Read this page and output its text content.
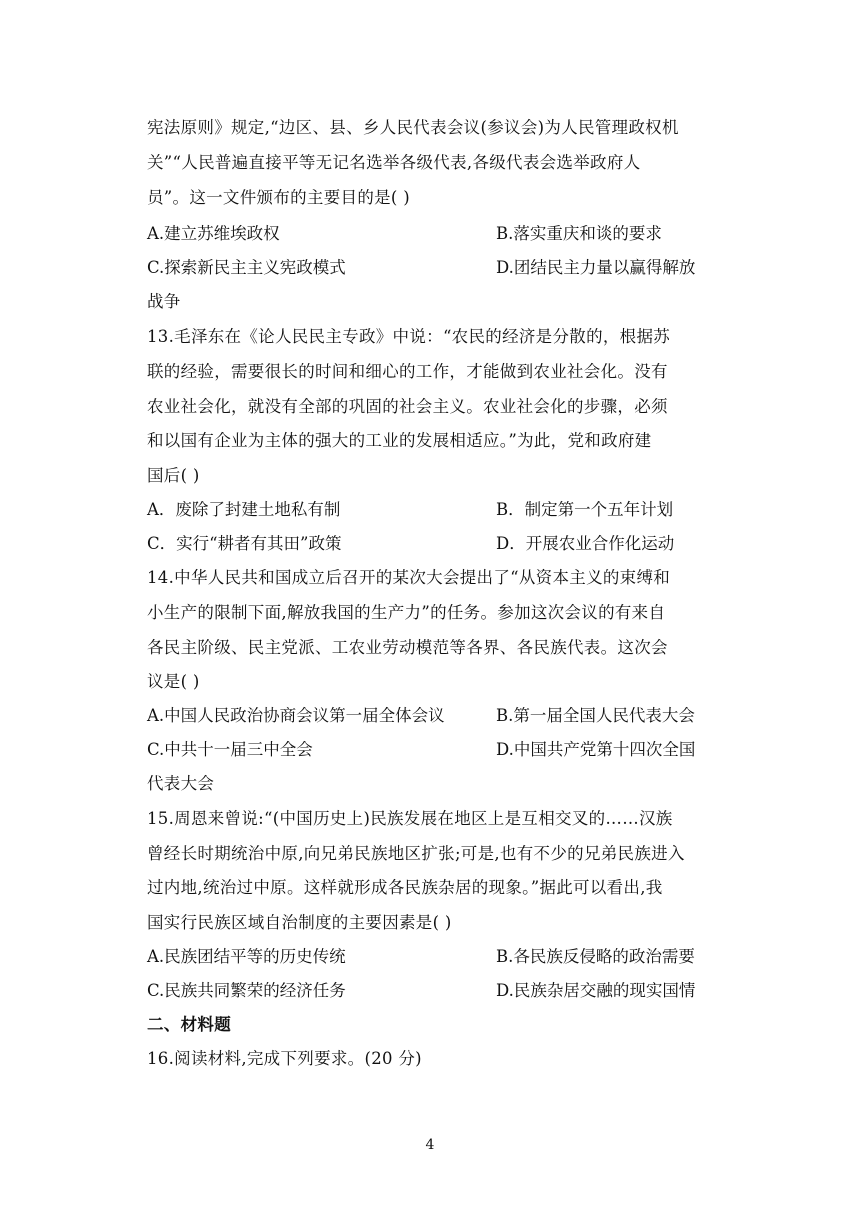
宪法原则》规定,“边区、县、乡人民代表会议(参议会)为人民管理政权机
关”“人民普遍直接平等无记名选举各级代表,各级代表会选举政府人
员”。这一文件颁布的主要目的是( )
A.建立苏维埃政权	B.落实重庆和谈的要求
C.探索新民主主义宪政模式	D.团结民主力量以赢得解放
战争
13.毛泽东在《论人民民主专政》中说：“农民的经济是分散的，根据苏
联的经验，需要很长的时间和细心的工作，才能做到农业社会化。没有
农业社会化，就没有全部的巩固的社会主义。农业社会化的步骤，必须
和以国有企业为主体的强大的工业的发展相适应。”为此，党和政府建
国后( )
A．废除了封建土地私有制	B．制定第一个五年计划
C．实行“耕者有其田”政策	D．开展农业合作化运动
14.中华人民共和国成立后召开的某次大会提出了“从资本主义的束缚和
小生产的限制下面,解放我国的生产力”的任务。参加这次会议的有来自
各民主阶级、民主党派、工农业劳动模范等各界、各民族代表。这次会
议是( )
A.中国人民政治协商会议第一届全体会议	B.第一届全国人民代表大会
C.中共十一届三中全会	D.中国共产党第十四次全国
代表大会
15.周恩来曾说:“(中国历史上)民族发展在地区上是互相交叉的……汉族
曾经长时期统治中原,向兄弟民族地区扩张;可是,也有不少的兄弟民族进入
过内地,统治过中原。这样就形成各民族杂居的现象。”据此可以看出,我
国实行民族区域自治制度的主要因素是( )
A.民族团结平等的历史传统	B.各民族反侵略的政治需要
C.民族共同繁荣的经济任务	D.民族杂居交融的现实国情
二、材料题
16.阅读材料,完成下列要求。(20 分)
4
